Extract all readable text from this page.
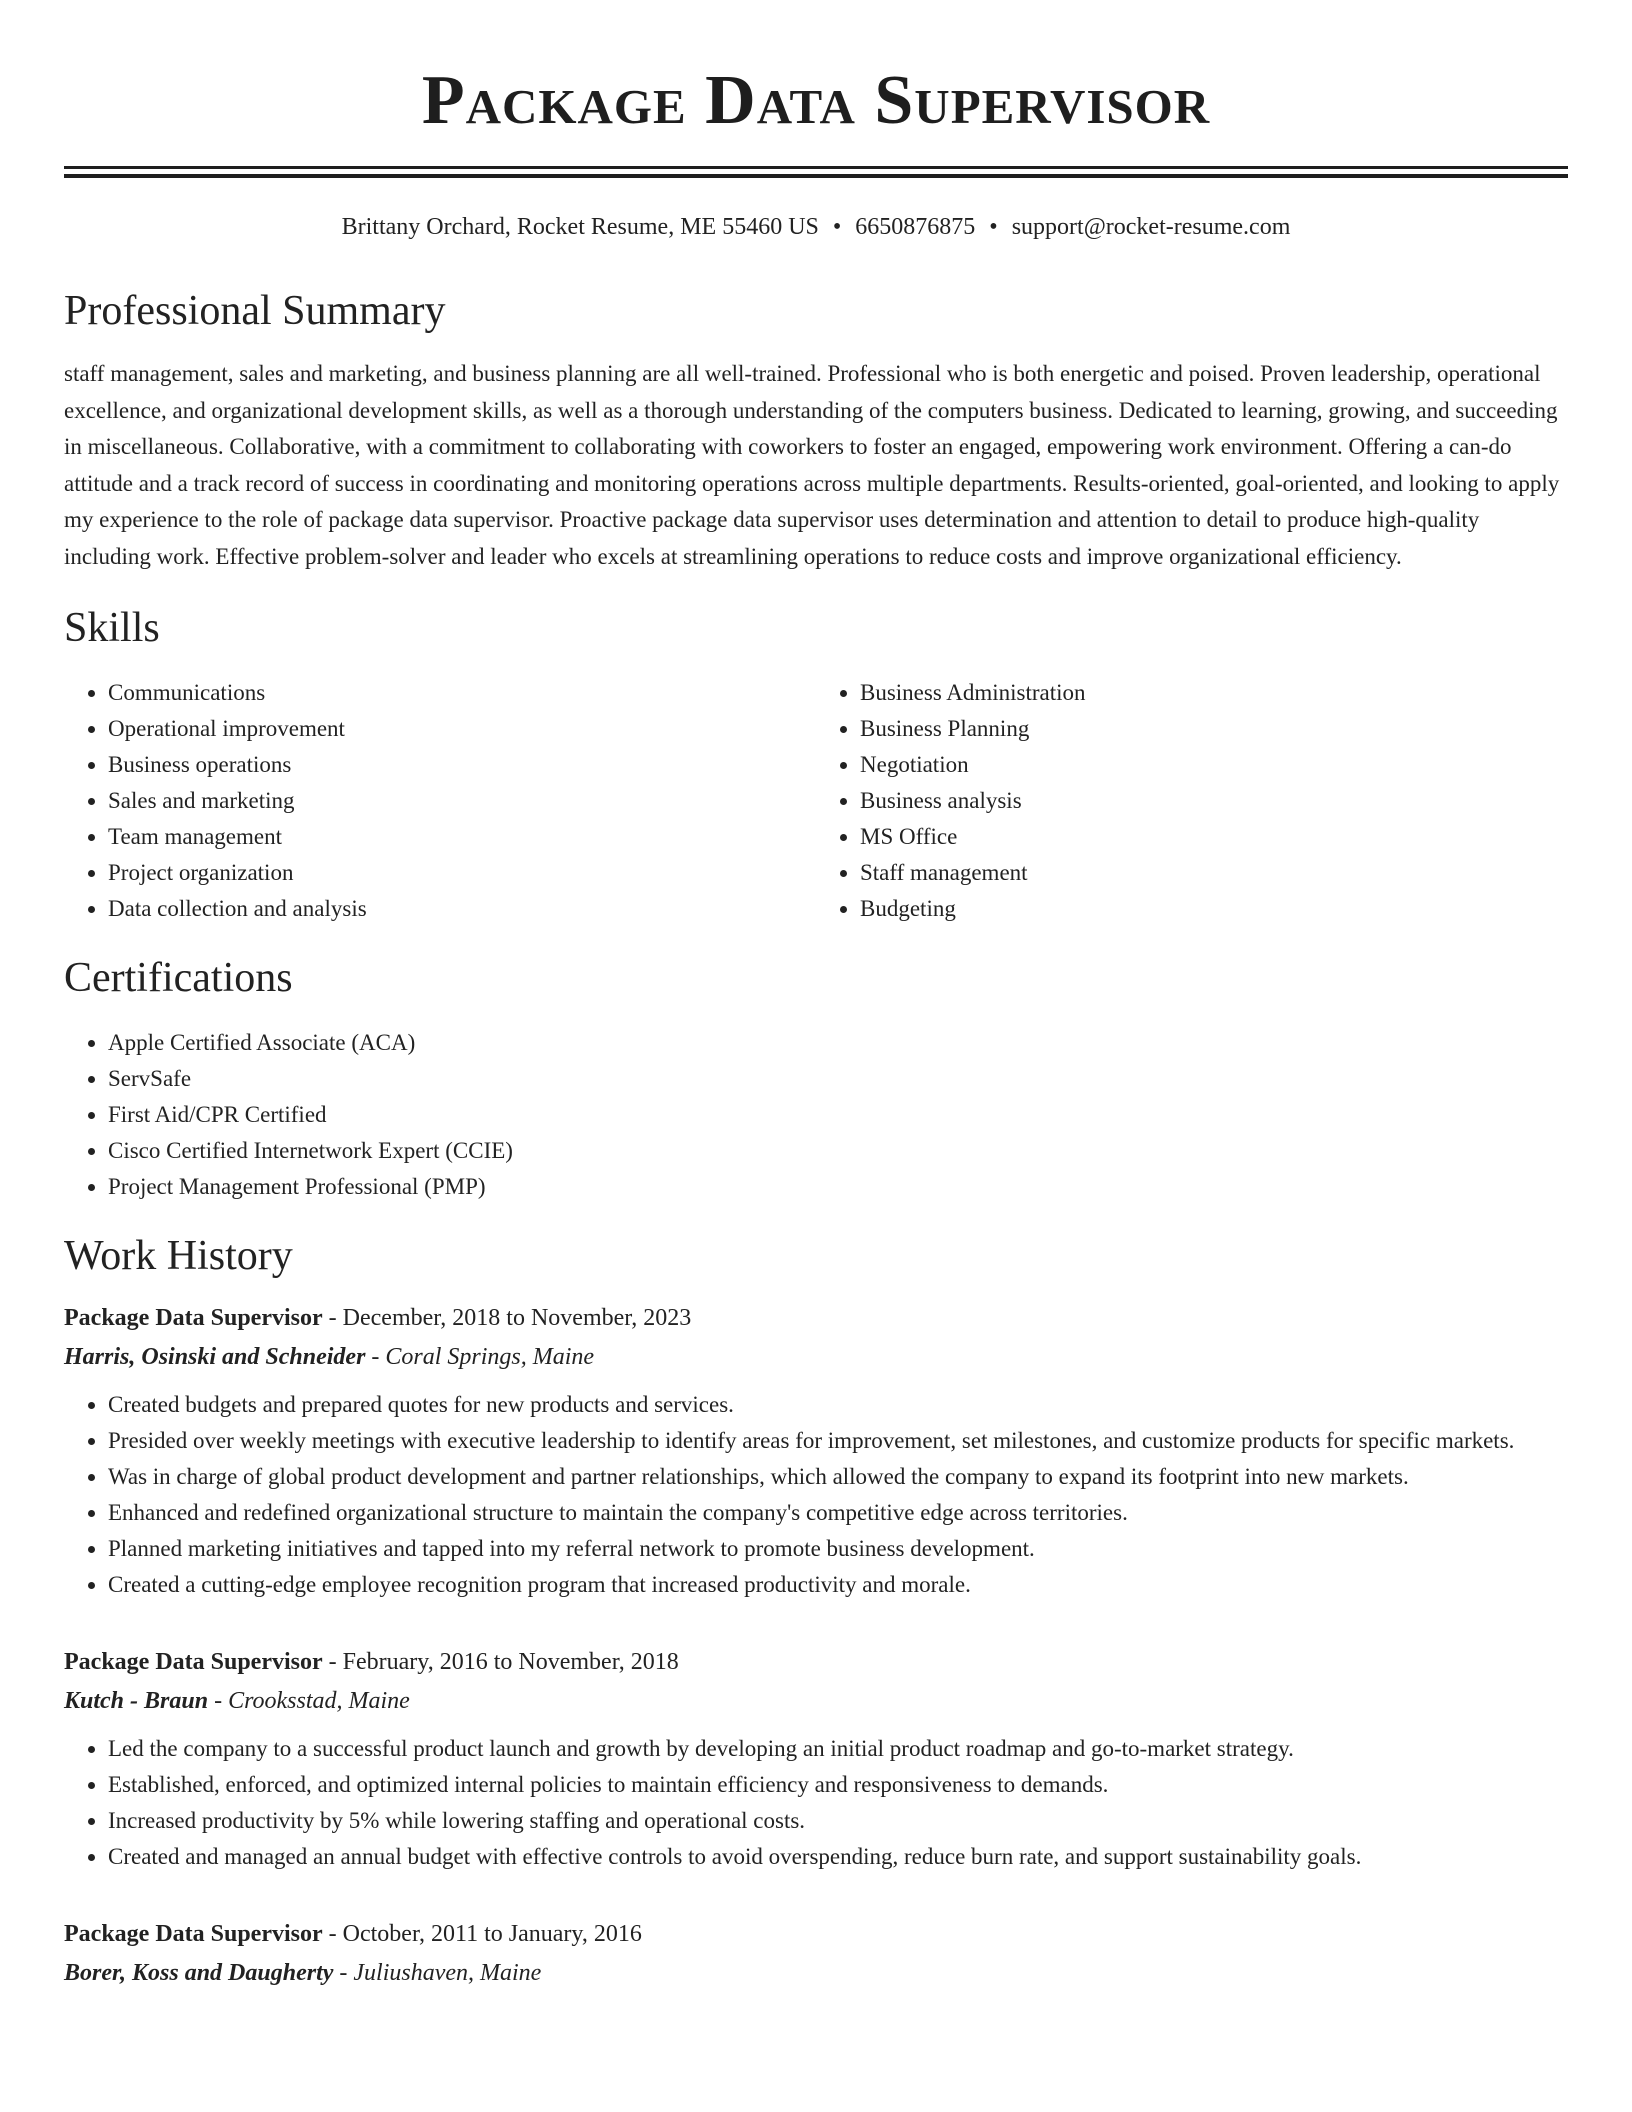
Package Data Supervisor
Brittany Orchard, Rocket Resume, ME 55460 US • 6650876875 • support@rocket-resume.com
Professional Summary

staff management, sales and marketing, and business planning are all well-trained. Professional who is both energetic and poised. Proven leadership, operational excellence, and organizational development skills, as well as a thorough understanding of the computers business. Dedicated to learning, growing, and succeeding in miscellaneous. Collaborative, with a commitment to collaborating with coworkers to foster an engaged, empowering work environment. Offering a can-do attitude and a track record of success in coordinating and monitoring operations across multiple departments. Results-oriented, goal-oriented, and looking to apply my experience to the role of package data supervisor. Proactive package data supervisor uses determination and attention to detail to produce high-quality including work. Effective problem-solver and leader who excels at streamlining operations to reduce costs and improve organizational efficiency.

Skills
• Communications
• Operational improvement
• Business operations
• Sales and marketing
• Team management
• Project organization
• Data collection and analysis
• Business Administration
• Business Planning
• Negotiation
• Business analysis
• MS Office
• Staff management
• Budgeting
Certifications
• Apple Certified Associate (ACA)
• ServSafe
• First Aid/CPR Certified
• Cisco Certified Internetwork Expert (CCIE)
• Project Management Professional (PMP)
Work History
Package Data Supervisor - December, 2018 to November, 2023
Harris, Osinski and Schneider - Coral Springs, Maine
• Created budgets and prepared quotes for new products and services.
• Presided over weekly meetings with executive leadership to identify areas for improvement, set milestones, and customize products for specific markets.
• Was in charge of global product development and partner relationships, which allowed the company to expand its footprint into new markets.
• Enhanced and redefined organizational structure to maintain the company's competitive edge across territories.
• Planned marketing initiatives and tapped into my referral network to promote business development.
• Created a cutting-edge employee recognition program that increased productivity and morale.
Package Data Supervisor - February, 2016 to November, 2018
Kutch - Braun - Crooksstad, Maine
• Led the company to a successful product launch and growth by developing an initial product roadmap and go-to-market strategy.
• Established, enforced, and optimized internal policies to maintain efficiency and responsiveness to demands.
• Increased productivity by 5% while lowering staffing and operational costs.
• Created and managed an annual budget with effective controls to avoid overspending, reduce burn rate, and support sustainability goals.
Package Data Supervisor - October, 2011 to January, 2016
Borer, Koss and Daugherty - Juliushaven, Maine
